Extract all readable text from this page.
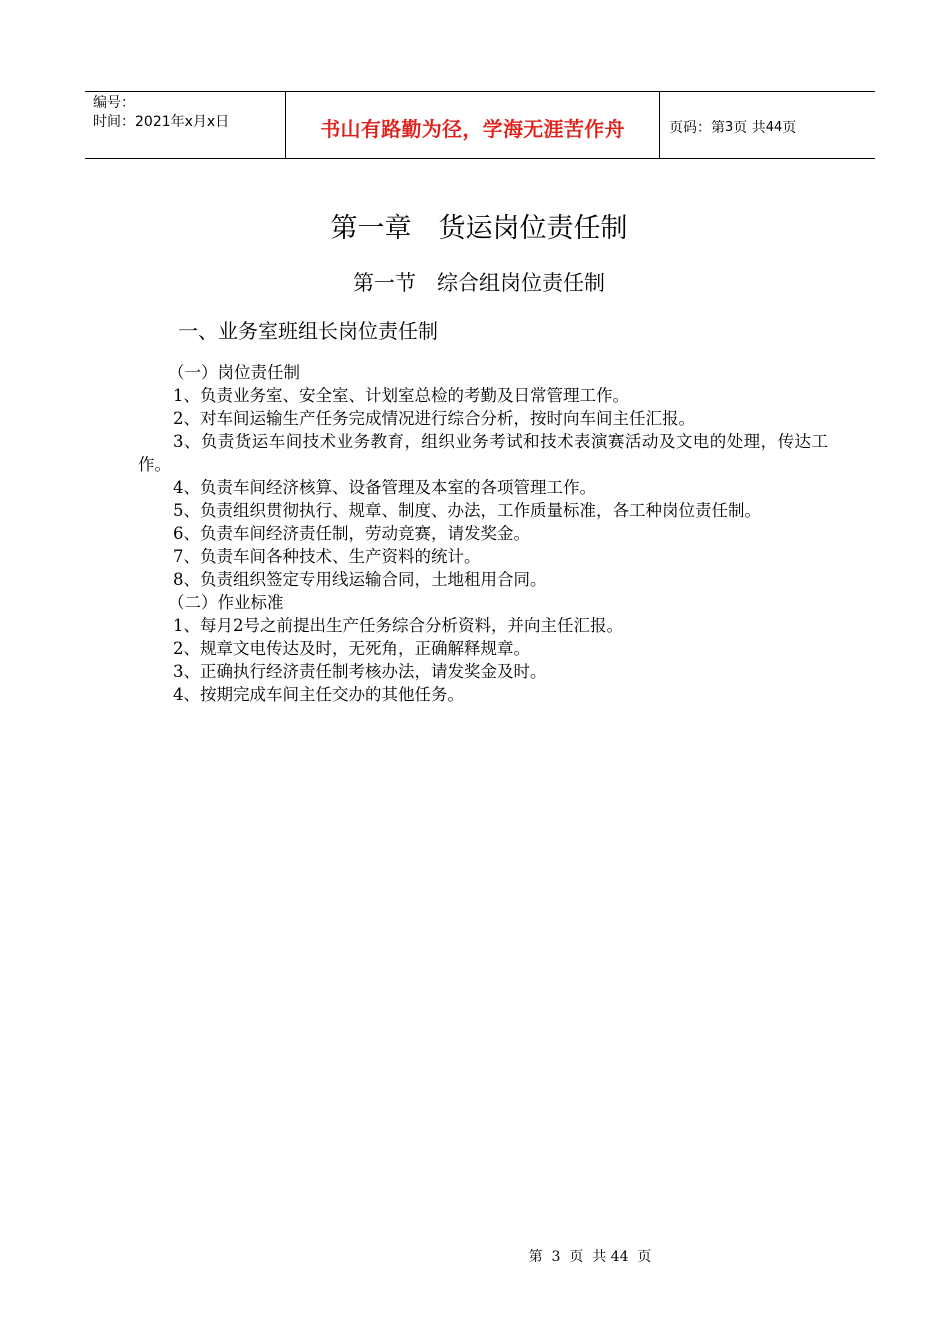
编号：
时间：2021年x月x日	书山有路勤为径，学海无涯苦作舟	页码：第 3 页 共 44 页
第一章　货运岗位责任制
第一节　综合组岗位责任制
一、业务室班组长岗位责任制

（一）岗位责任制

1、负责业务室、安全室、计划室总检的考勤及日常管理工作。

2、对车间运输生产任务完成情况进行综合分析，按时向车间主任汇报。

3、负责货运车间技术业务教育，组织业务考试和技术表演赛活动及文电的处理，传达工作。

4、负责车间经济核算、设备管理及本室的各项管理工作。

5、负责组织贯彻执行、规章、制度、办法，工作质量标准，各工种岗位责任制。

6、负责车间经济责任制，劳动竞赛，请发奖金。

7、负责车间各种技术、生产资料的统计。

8、负责组织签定专用线运输合同，土地租用合同。

（二）作业标准

1、每月2号之前提出生产任务综合分析资料，并向主任汇报。

2、规章文电传达及时，无死角，正确解释规章。

3、正确执行经济责任制考核办法，请发奖金及时。

4、按期完成车间主任交办的其他任务。

第  3  页  共 44  页
